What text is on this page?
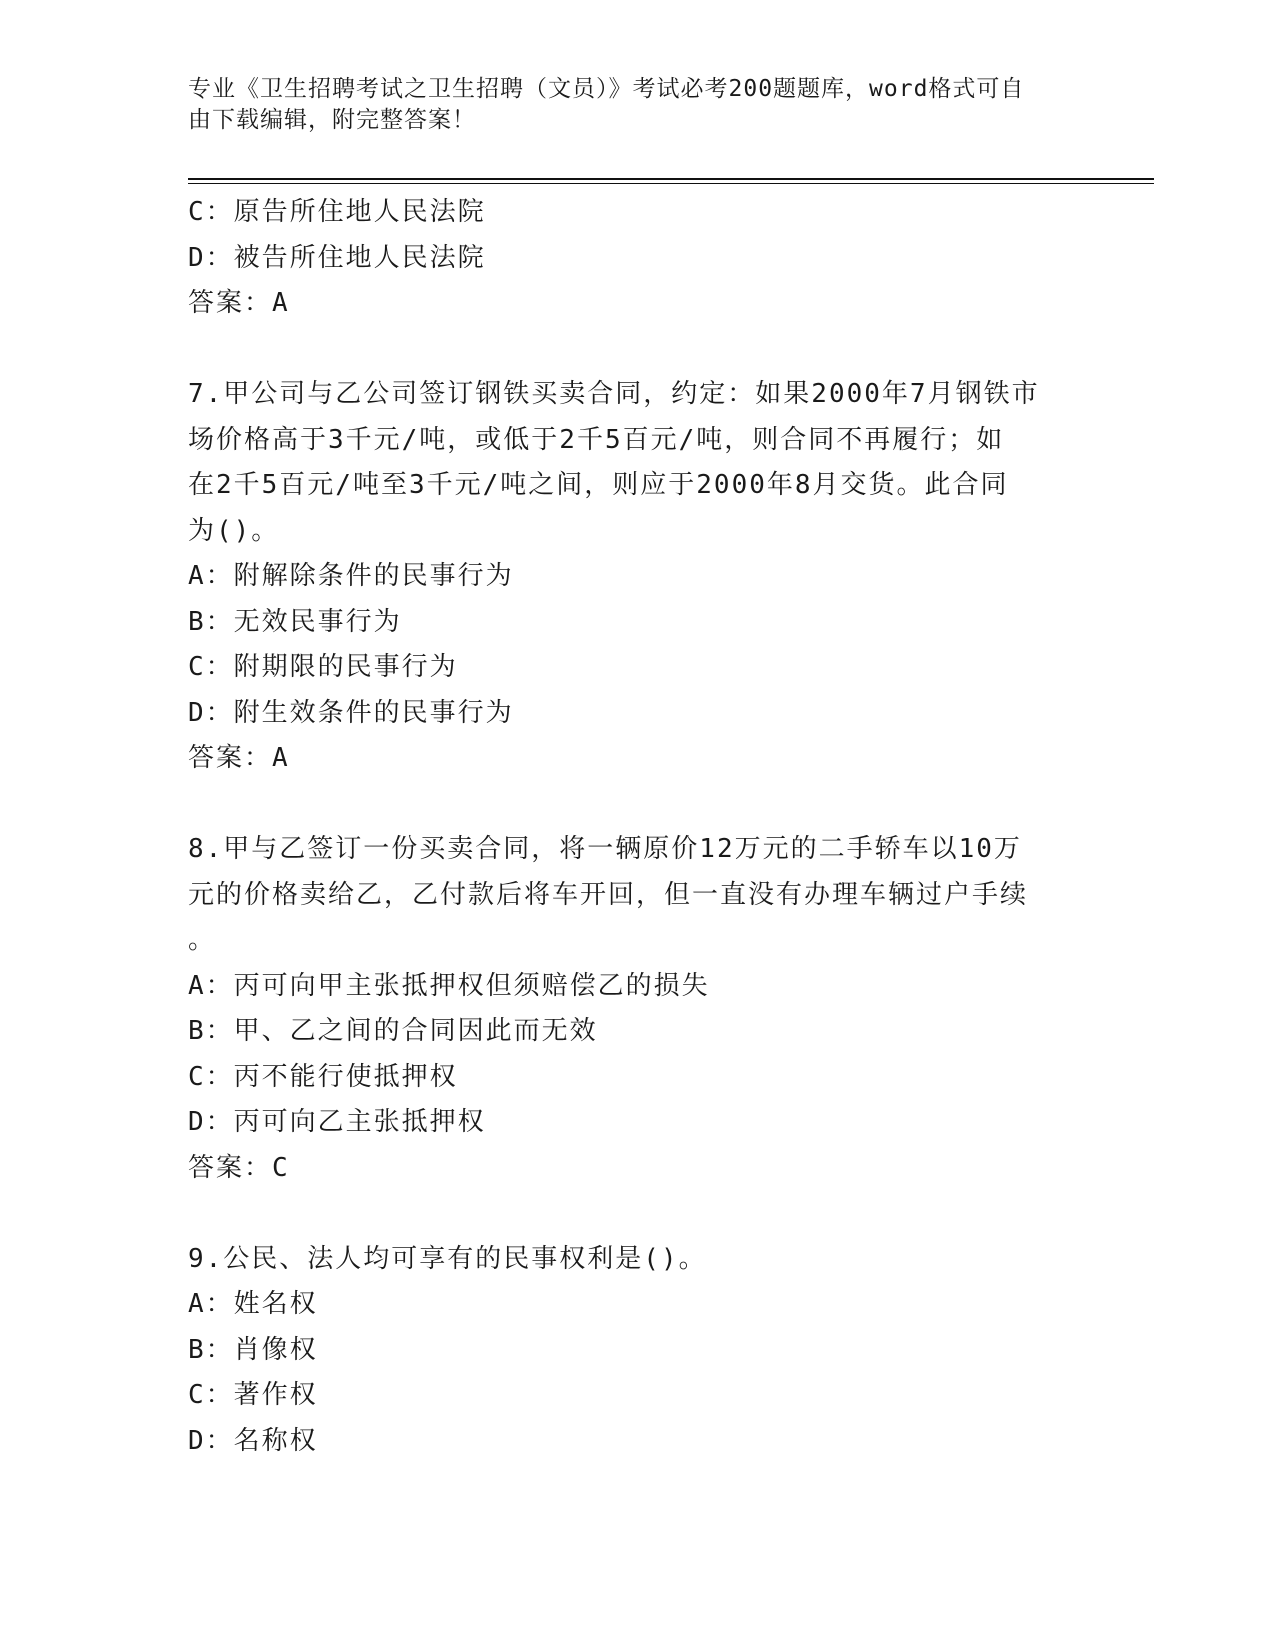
专业《卫生招聘考试之卫生招聘（文员）》考试必考200题题库，word格式可自
由下载编辑，附完整答案！
C：原告所住地人民法院
D：被告所住地人民法院
答案：A
7.甲公司与乙公司签订钢铁买卖合同，约定：如果2000年7月钢铁市
场价格高于3千元/吨，或低于2千5百元/吨，则合同不再履行；如
在2千5百元/吨至3千元/吨之间，则应于2000年8月交货。此合同
为()。
A：附解除条件的民事行为
B：无效民事行为
C：附期限的民事行为
D：附生效条件的民事行为
答案：A
8.甲与乙签订一份买卖合同，将一辆原价12万元的二手轿车以10万
元的价格卖给乙，乙付款后将车开回，但一直没有办理车辆过户手续
。
A：丙可向甲主张抵押权但须赔偿乙的损失
B：甲、乙之间的合同因此而无效
C：丙不能行使抵押权
D：丙可向乙主张抵押权
答案：C
9.公民、法人均可享有的民事权利是()。
A：姓名权
B：肖像权
C：著作权
D：名称权
